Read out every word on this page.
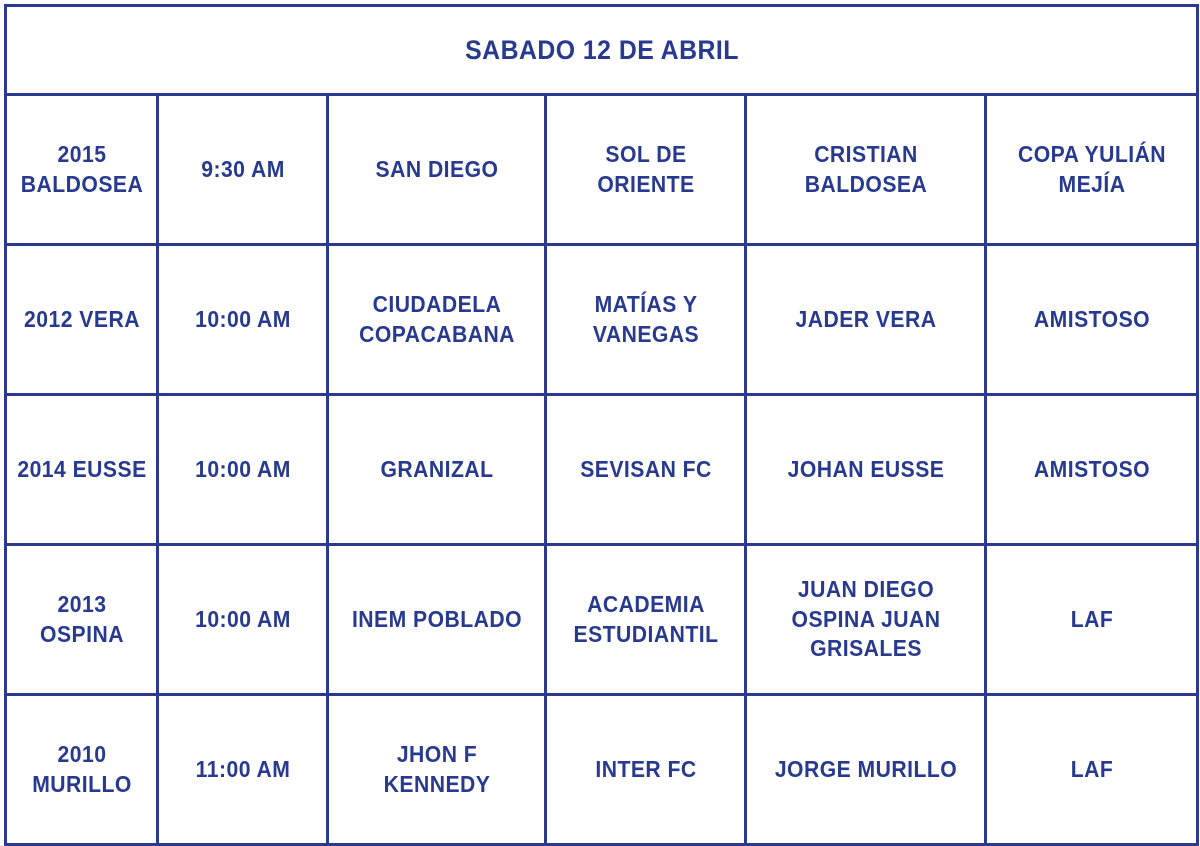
SABADO 12 DE ABRIL					
2015 BALDOSEA	9:30 AM	SAN DIEGO	SOL DE ORIENTE	CRISTIAN BALDOSEA	COPA YULIÁN MEJÍA
2012 VERA	10:00 AM	CIUDADELA COPACABANA	MATÍAS Y VANEGAS	JADER VERA	AMISTOSO
2014 EUSSE	10:00 AM	GRANIZAL	SEVISAN FC	JOHAN EUSSE	AMISTOSO
2013 OSPINA	10:00 AM	INEM POBLADO	ACADEMIA ESTUDIANTIL	JUAN DIEGO OSPINA JUAN GRISALES	LAF
2010 MURILLO	11:00 AM	JHON F KENNEDY	INTER FC	JORGE MURILLO	LAF
